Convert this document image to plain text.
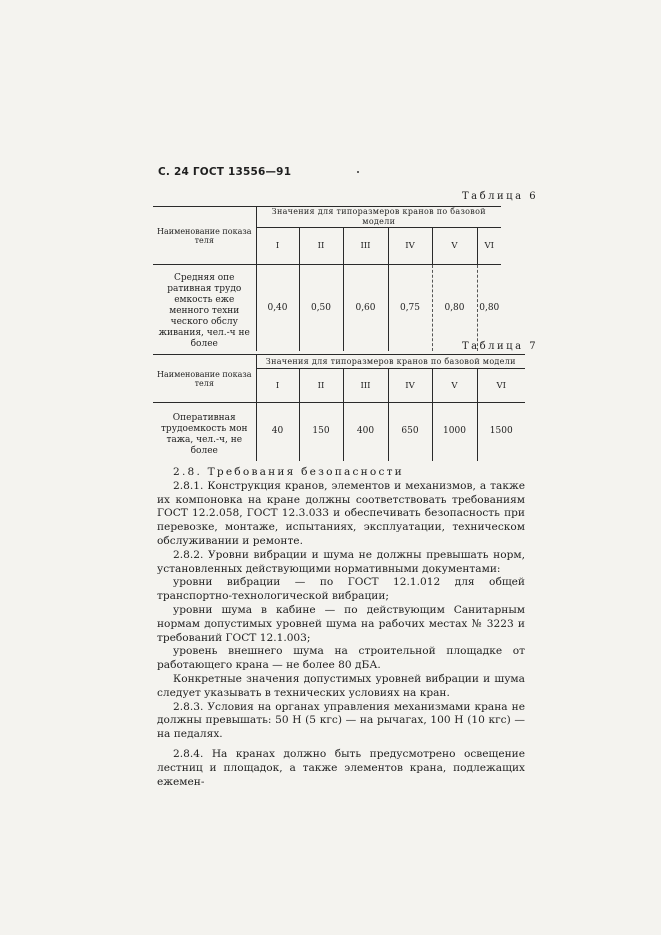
С. 24 ГОСТ 13556—91
Таблица 6
Наименование показа теля	Значения для типоразмеров кранов по базовой модели					
	I	II	III	IV	V	VI
Средняя опе ративная трудо емкость еже менного техни ческого обслу живания, чел.-ч не более	0,40	0,50	0,60	0,75	0,80	0,80
Таблица 7
Наименование показа теля	Значения для типоразмеров кранов по базовой модели					
	I	II	III	IV	V	VI
Оперативная трудоемкость мон тажа, чел.-ч, не более	40	150	400	650	1000	1500

2.8. Требования безопасности

2.8.1. Конструкция кранов, элементов и механизмов, а также их компоновка на кране должны соответствовать требованиям ГОСТ 12.2.058, ГОСТ 12.3.033 и обеспечивать безопасность при перевозке, монтаже, испытаниях, эксплуатации, техническом обслуживании и ремонте.

2.8.2. Уровни вибрации и шума не должны превышать норм, установленных действующими нормативными документами:

уровни вибрации — по ГОСТ 12.1.012 для общей транспортно-технологической вибрации;

уровни шума в кабине — по действующим Санитарным нормам допустимых уровней шума на рабочих местах № 3223 и требований ГОСТ 12.1.003;

уровень внешнего шума на строительной площадке от работающего крана — не более 80 дБА.

Конкретные значения допустимых уровней вибрации и шума следует указывать в технических условиях на кран.

2.8.3. Условия на органах управления механизмами крана не должны превышать: 50 Н (5 кгс) — на рычагах, 100 Н (10 кгс) — на педалях.

2.8.4. На кранах должно быть предусмотрено освещение лестниц и площадок, а также элементов крана, подлежащих ежемен-
